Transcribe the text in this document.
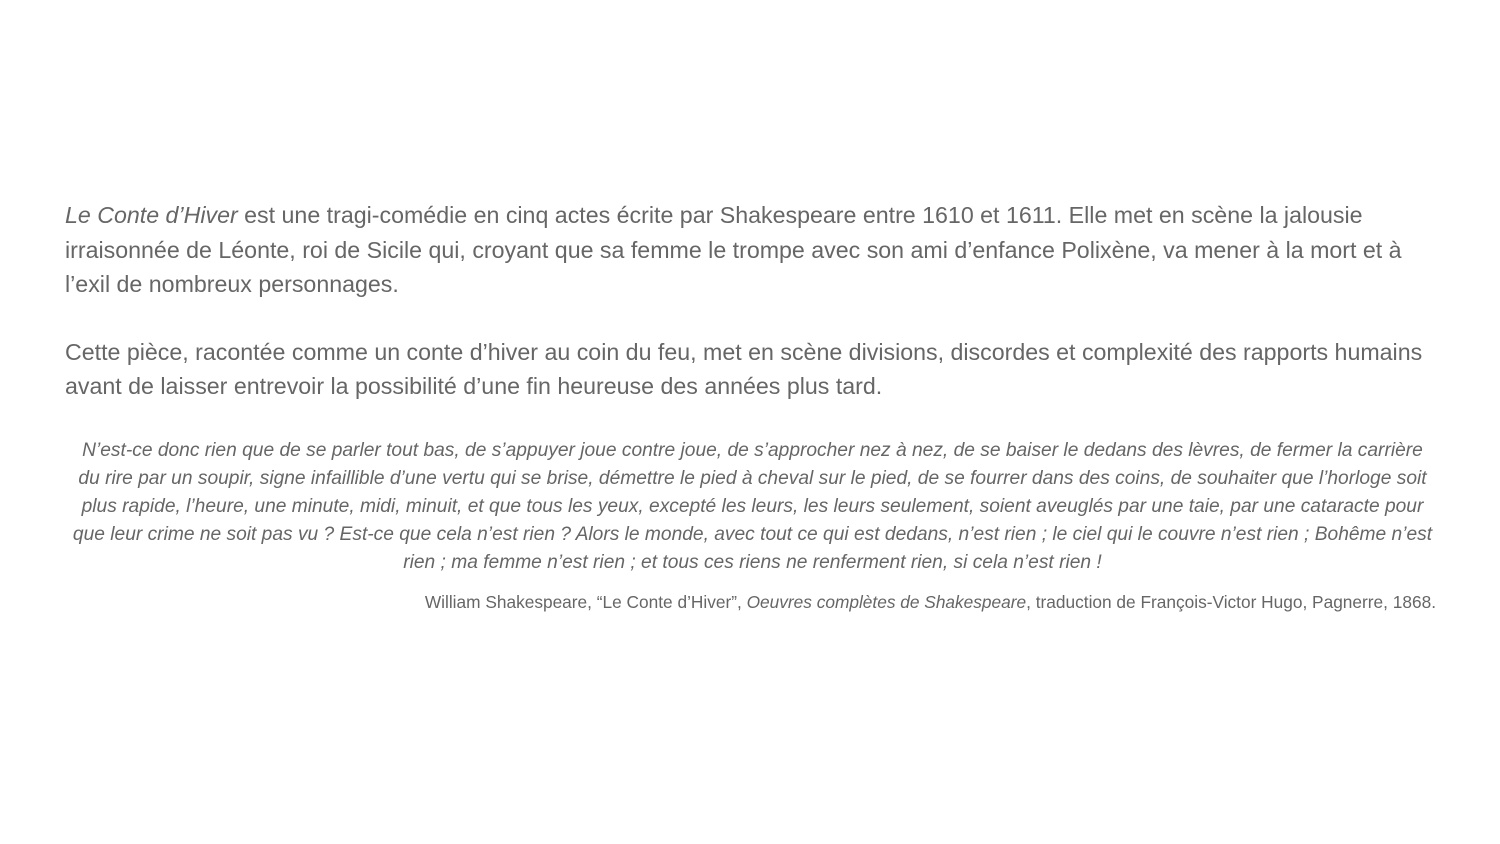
Le Conte d’Hiver est une tragi-comédie en cinq actes écrite par Shakespeare entre 1610 et 1611. Elle met en scène la jalousie irraisonnée de Léonte, roi de Sicile qui, croyant que sa femme le trompe avec son ami d’enfance Polixène, va mener à la mort et à l’exil de nombreux personnages.

Cette pièce, racontée comme un conte d’hiver au coin du feu, met en scène divisions, discordes et complexité des rapports humains avant de laisser entrevoir la possibilité d’une fin heureuse des années plus tard.

N’est-ce donc rien que de se parler tout bas, de s’appuyer joue contre joue, de s’approcher nez à nez, de se baiser le dedans des lèvres, de fermer la carrière du rire par un soupir, signe infaillible d’une vertu qui se brise, démettre le pied à cheval sur le pied, de se fourrer dans des coins, de souhaiter que l’horloge soit plus rapide, l’heure, une minute, midi, minuit, et que tous les yeux, excepté les leurs, les leurs seulement, soient aveuglés par une taie, par une cataracte pour que leur crime ne soit pas vu ? Est-ce que cela n’est rien ? Alors le monde, avec tout ce qui est dedans, n’est rien ; le ciel qui le couvre n’est rien ; Bohême n’est rien ; ma femme n’est rien ; et tous ces riens ne renferment rien, si cela n’est rien !
William Shakespeare, “Le Conte d’Hiver”, Oeuvres complètes de Shakespeare, traduction de François-Victor Hugo, Pagnerre, 1868.
